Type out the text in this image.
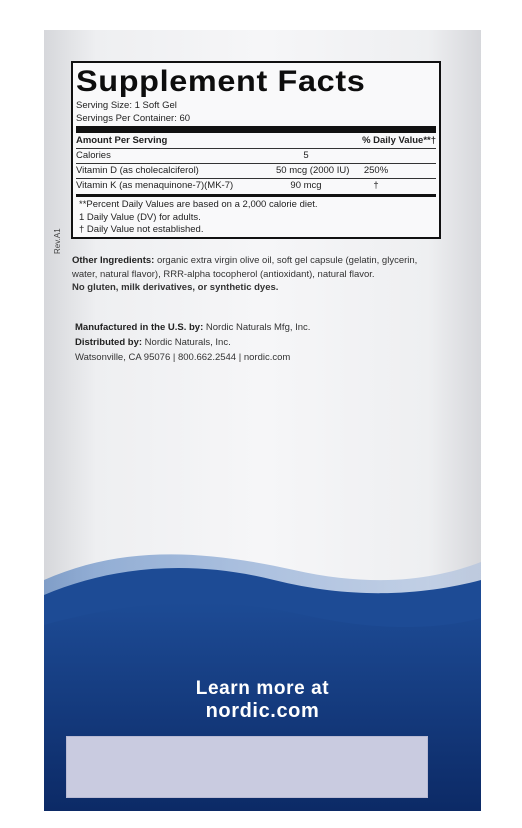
Supplement Facts
Serving Size: 1 Soft Gel
Servings Per Container: 60
Amount Per Serving	% Daily Value**†
Calories	5
Vitamin D (as cholecalciferol)	50 mcg (2000 IU)	250%
Vitamin K (as menaquinone-7)(MK-7)	90 mcg	†
**Percent Daily Values are based on a 2,000 calorie diet.
1 Daily Value (DV) for adults.
† Daily Value not established.
Rev.A1
Other Ingredients: organic extra virgin olive oil, soft gel capsule (gelatin, glycerin, water, natural flavor), RRR-alpha tocopherol (antioxidant), natural flavor.
No gluten, milk derivatives, or synthetic dyes.
Manufactured in the U.S. by: Nordic Naturals Mfg, Inc.
Distributed by: Nordic Naturals, Inc.
Watsonville, CA 95076 | 800.662.2544 | nordic.com
Learn more at
nordic.com
